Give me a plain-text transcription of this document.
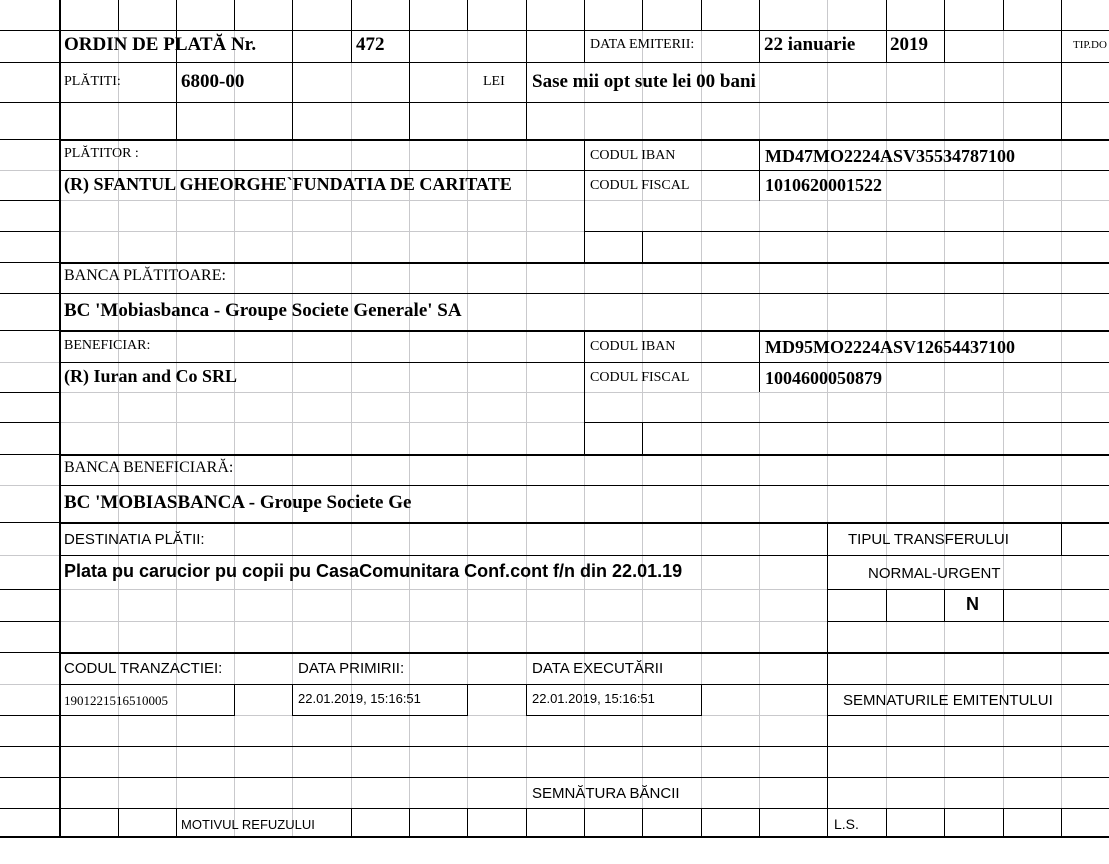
ORDIN DE PLATĂ Nr.	472	DATA EMITERII:	22 ianuarie 2019	TIP.DO
PLĂTITI:	6800-00	LEI Sase mii opt sute lei 00 bani
PLĂTITOR :	CODUL IBAN	MD47MO2224ASV35534787100
(R) SFANTUL GHEORGHE`FUNDATIA DE CARITATE	CODUL FISCAL	1010620001522
BANCA PLĂTITOARE:
BC 'Mobiasbanca - Groupe Societe Generale' SA
BENEFICIAR:	CODUL IBAN	MD95MO2224ASV12654437100
(R) Iuran and Co SRL	CODUL FISCAL	1004600050879
BANCA BENEFICIARĂ:
BC 'MOBIASBANCA - Groupe Societe Ge
DESTINATIA PLĂTII:	TIPUL TRANSFERULUI
Plata pu carucior pu copii pu CasaComunitara Conf.cont f/n din 22.01.19	NORMAL-URGENT
N
CODUL TRANZACTIEI:	DATA PRIMIRII:	DATA EXECUTĂRII
1901221516510005	22.01.2019, 15:16:51	22.01.2019, 15:16:51	SEMNATURILE EMITENTULUI
SEMNĂTURA BĂNCII
MOTIVUL REFUZULUI	L.S.
